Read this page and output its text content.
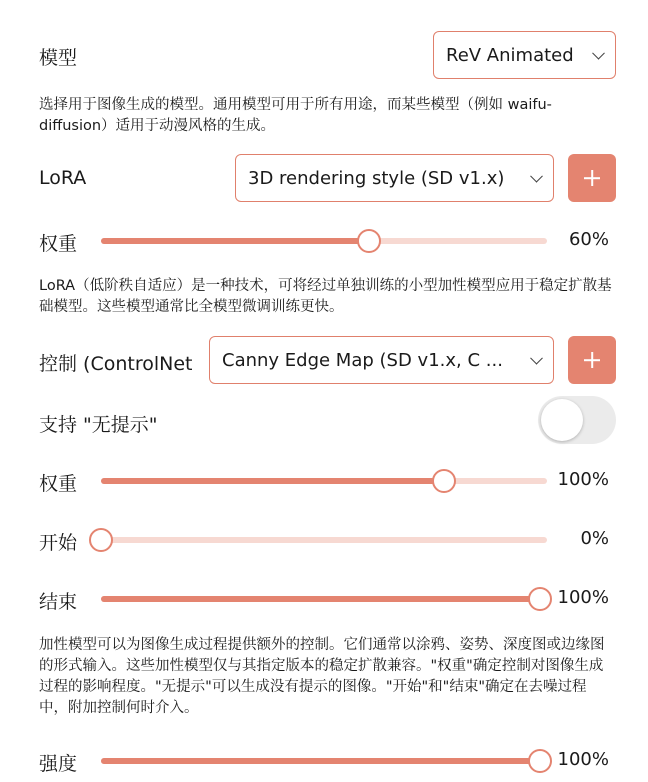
模型	ReV Animated
选择用于图像生成的模型。通用模型可用于所有用途，而某些模型（例如 waifu-diffusion）适用于动漫风格的生成。
LoRA	3D rendering style (SD v1.x)
权重	60%
LoRA（低阶秩自适应）是一种技术，可将经过单独训练的小型加性模型应用于稳定扩散基础模型。这些模型通常比全模型微调训练更快。
控制 (ControlNet	Canny Edge Map (SD v1.x, C ...
支持 "无提示"
权重	100%
开始	0%
结束	100%
加性模型可以为图像生成过程提供额外的控制。它们通常以涂鸦、姿势、深度图或边缘图的形式输入。这些加性模型仅与其指定版本的稳定扩散兼容。"权重"确定控制对图像生成过程的影响程度。"无提示"可以生成没有提示的图像。"开始"和"结束"确定在去噪过程中，附加控制何时介入。
强度	100%
